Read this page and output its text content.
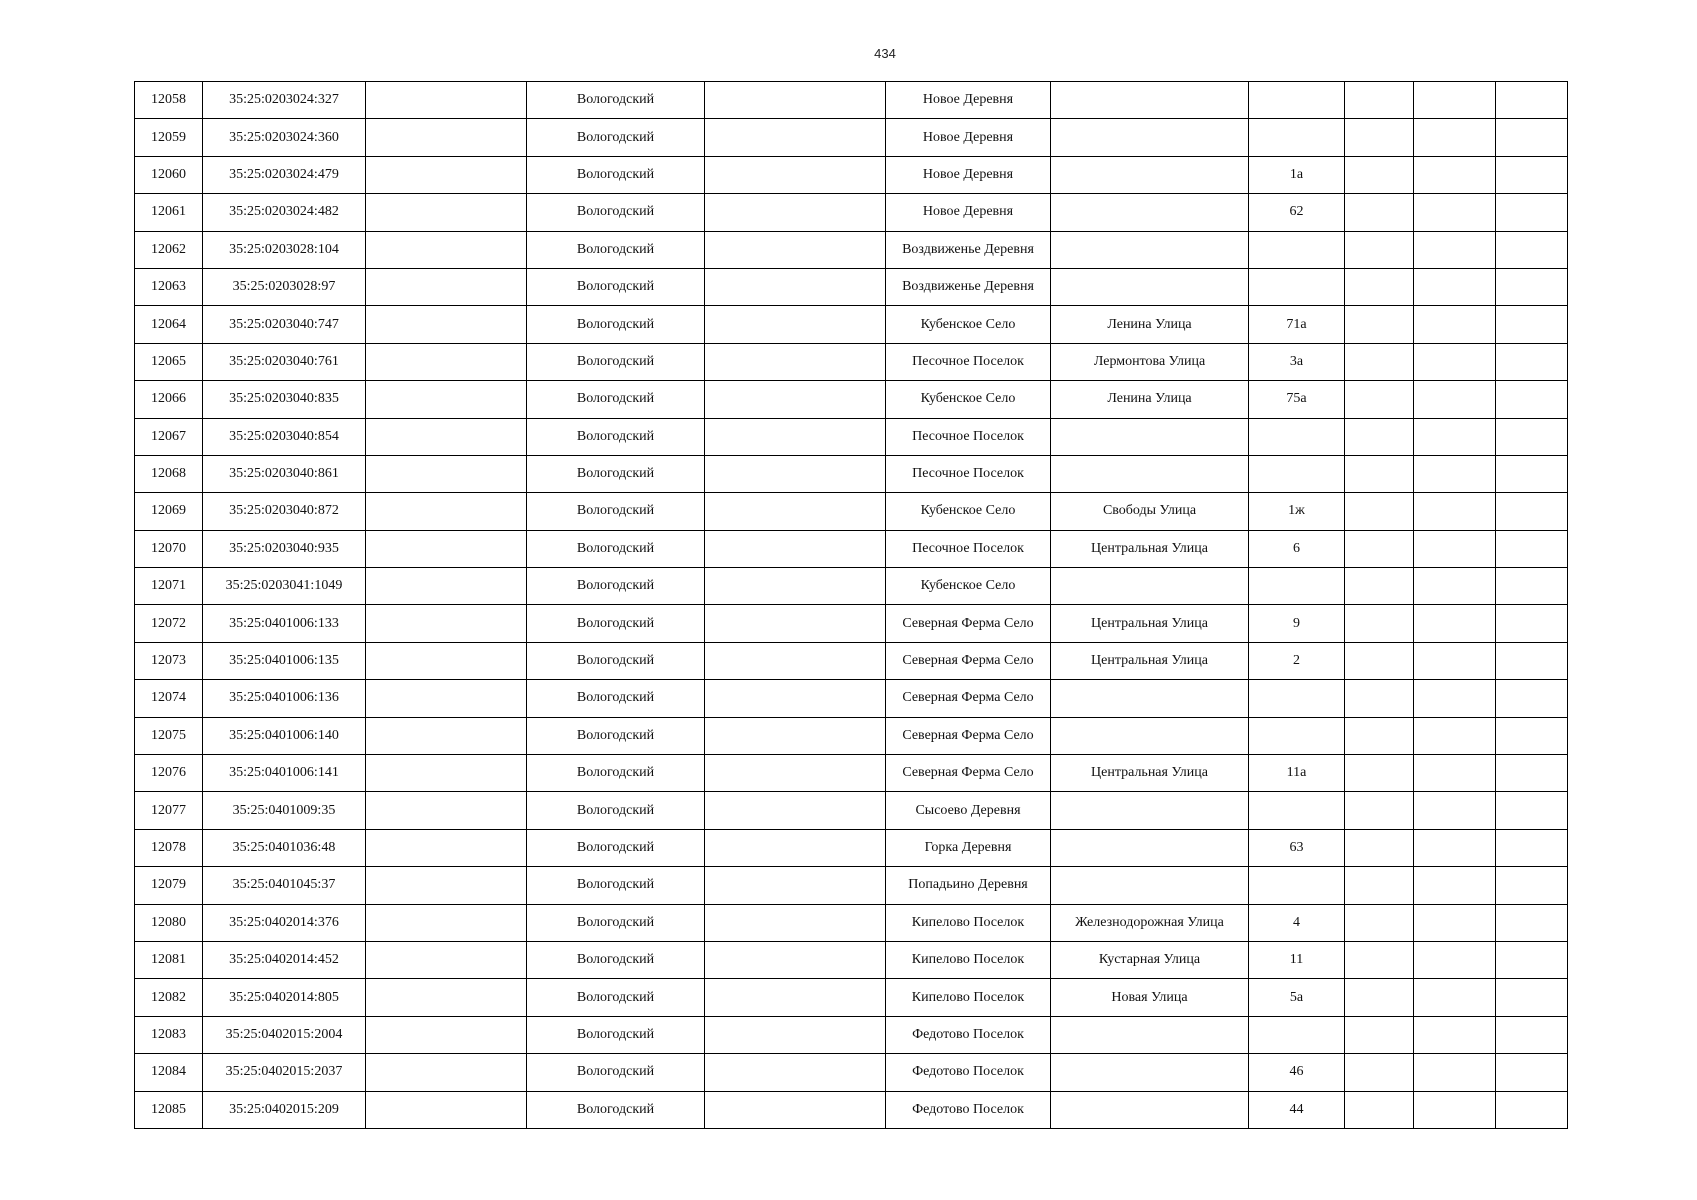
434
12058	35:25:0203024:327		Вологодский		Новое Деревня					
12059	35:25:0203024:360		Вологодский		Новое Деревня					
12060	35:25:0203024:479		Вологодский		Новое Деревня		1а			
12061	35:25:0203024:482		Вологодский		Новое Деревня		62			
12062	35:25:0203028:104		Вологодский		Воздвиженье Деревня					
12063	35:25:0203028:97		Вологодский		Воздвиженье Деревня					
12064	35:25:0203040:747		Вологодский		Кубенское Село	Ленина Улица	71а			
12065	35:25:0203040:761		Вологодский		Песочное Поселок	Лермонтова Улица	3а			
12066	35:25:0203040:835		Вологодский		Кубенское Село	Ленина Улица	75а			
12067	35:25:0203040:854		Вологодский		Песочное Поселок					
12068	35:25:0203040:861		Вологодский		Песочное Поселок					
12069	35:25:0203040:872		Вологодский		Кубенское Село	Свободы Улица	1ж			
12070	35:25:0203040:935		Вологодский		Песочное Поселок	Центральная Улица	6			
12071	35:25:0203041:1049		Вологодский		Кубенское Село					
12072	35:25:0401006:133		Вологодский		Северная Ферма Село	Центральная Улица	9			
12073	35:25:0401006:135		Вологодский		Северная Ферма Село	Центральная Улица	2			
12074	35:25:0401006:136		Вологодский		Северная Ферма Село					
12075	35:25:0401006:140		Вологодский		Северная Ферма Село					
12076	35:25:0401006:141		Вологодский		Северная Ферма Село	Центральная Улица	11а			
12077	35:25:0401009:35		Вологодский		Сысоево Деревня					
12078	35:25:0401036:48		Вологодский		Горка Деревня		63			
12079	35:25:0401045:37		Вологодский		Попадьино Деревня					
12080	35:25:0402014:376		Вологодский		Кипелово Поселок	Железнодорожная Улица	4			
12081	35:25:0402014:452		Вологодский		Кипелово Поселок	Кустарная Улица	11			
12082	35:25:0402014:805		Вологодский		Кипелово Поселок	Новая Улица	5а			
12083	35:25:0402015:2004		Вологодский		Федотово Поселок					
12084	35:25:0402015:2037		Вологодский		Федотово Поселок		46			
12085	35:25:0402015:209		Вологодский		Федотово Поселок		44			
